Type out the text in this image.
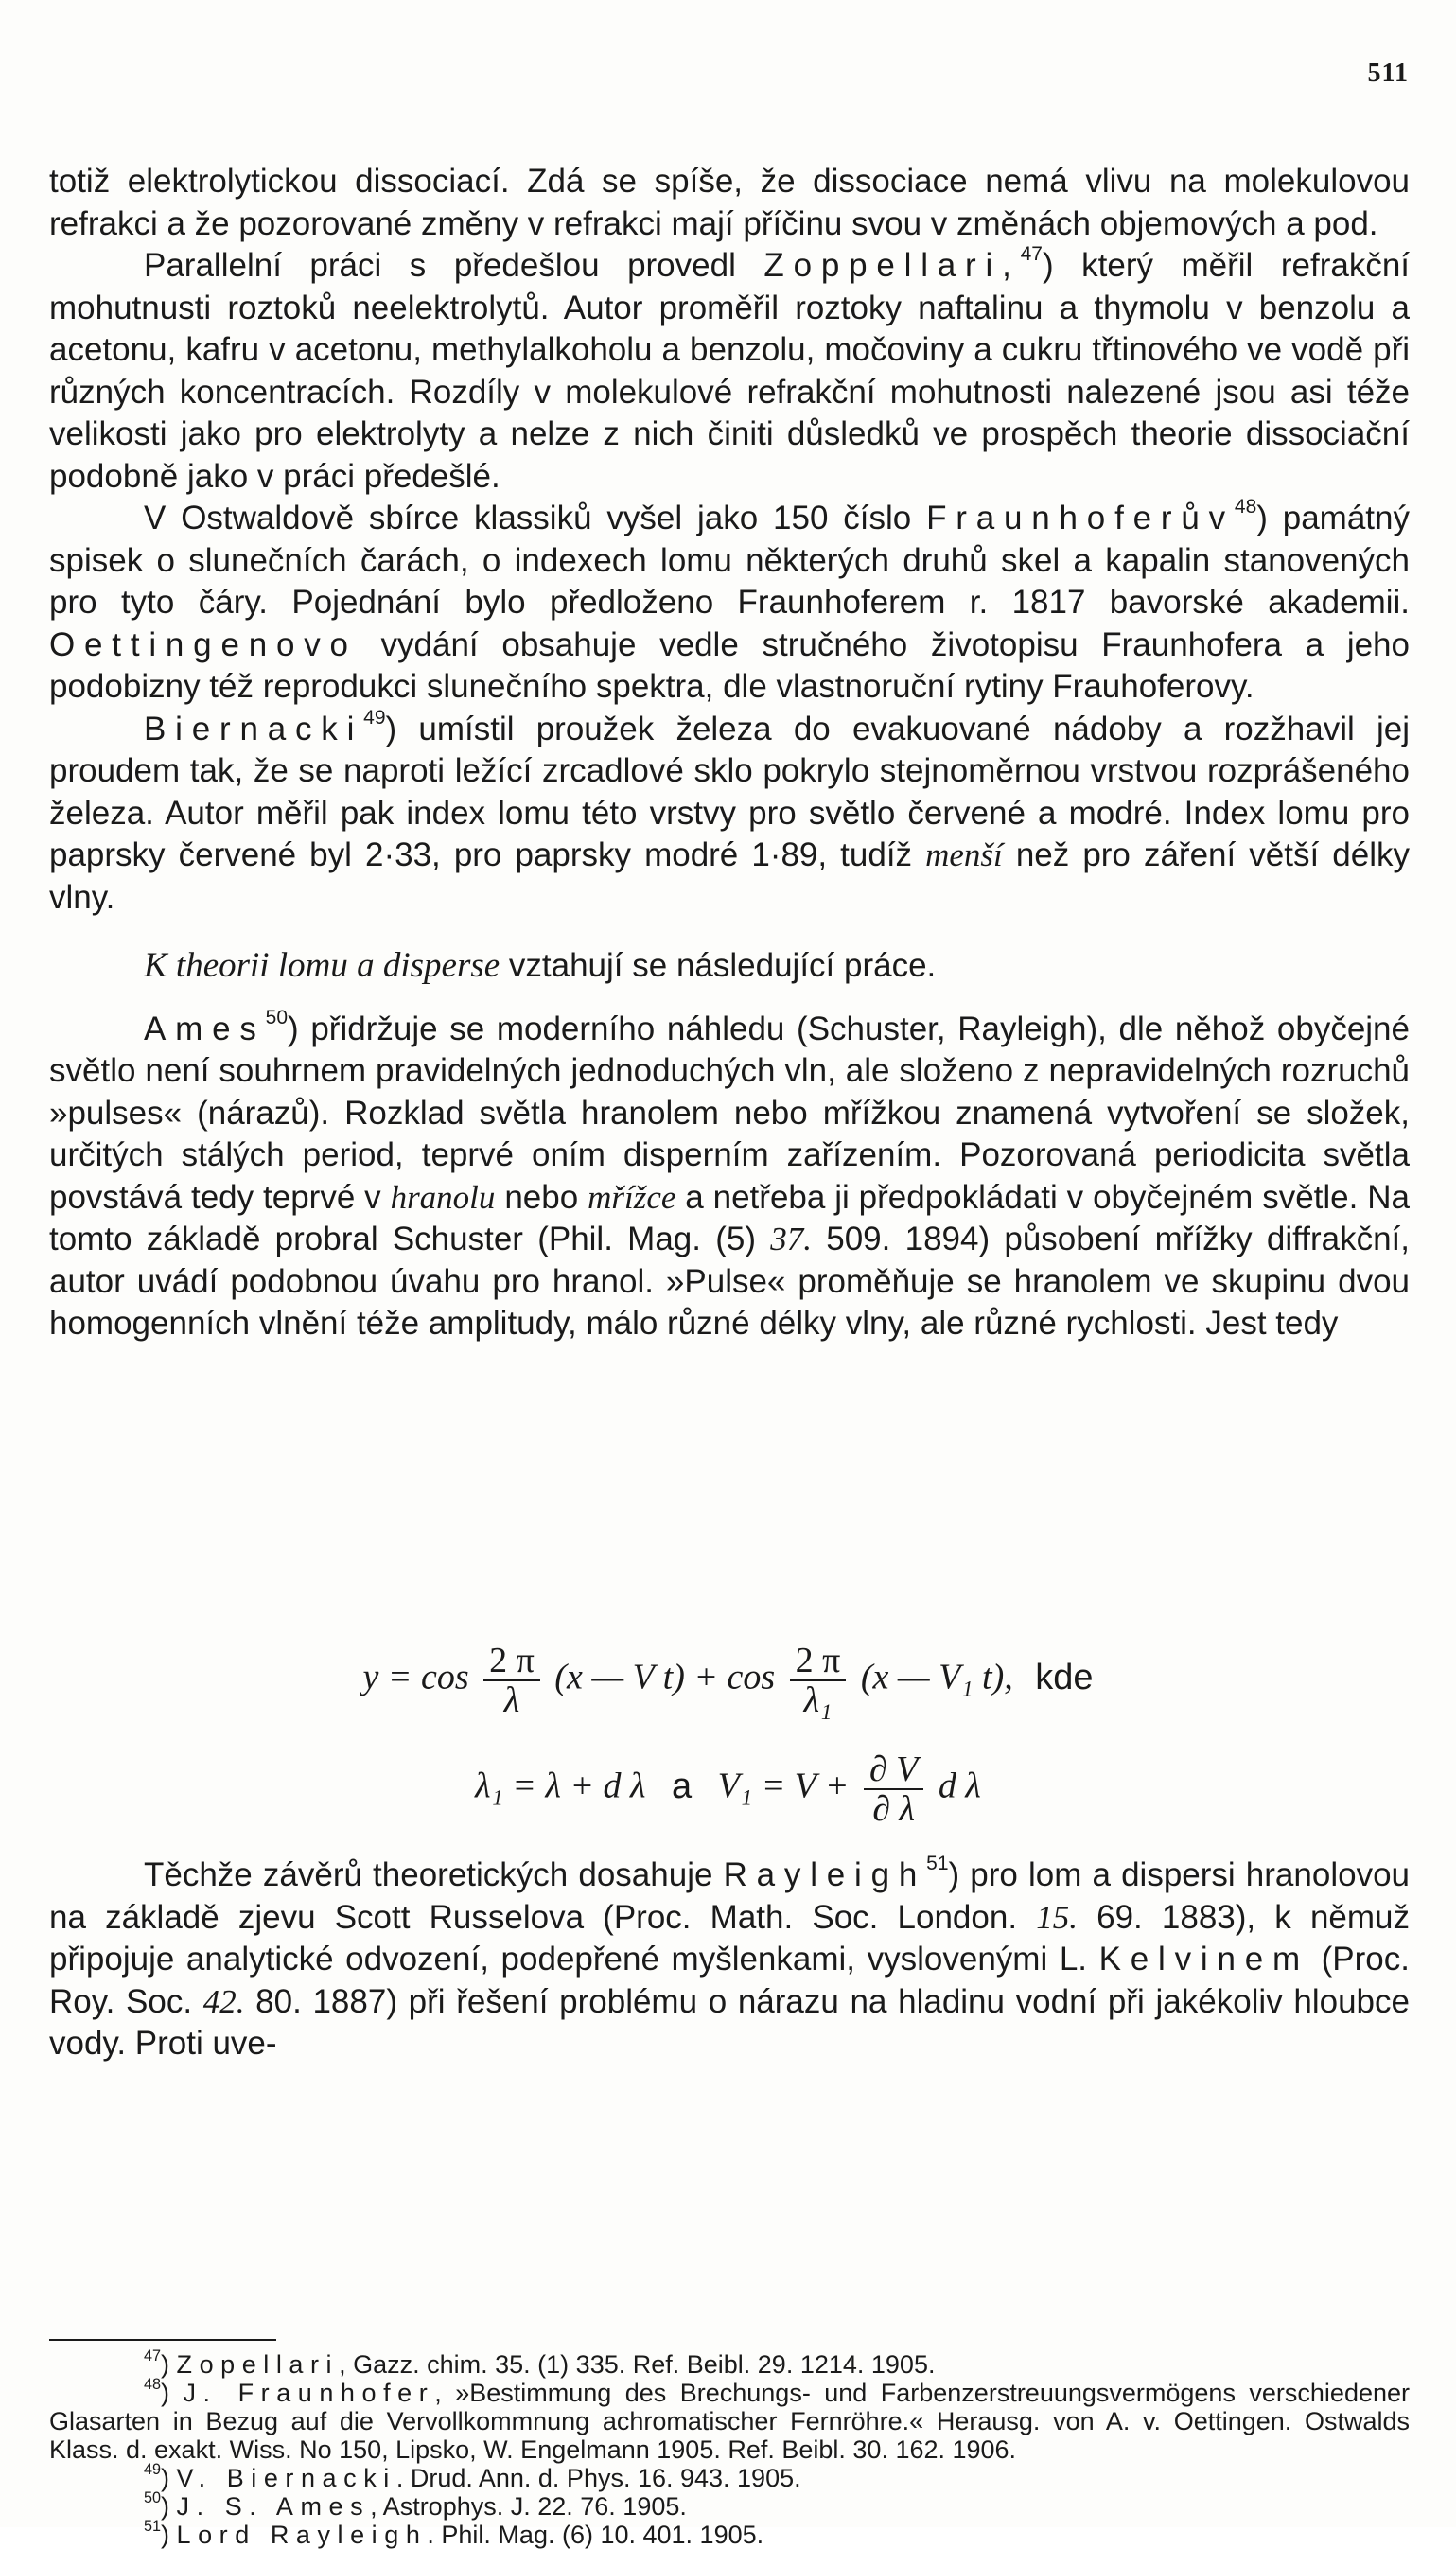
511

totiž elektrolytickou dissociací. Zdá se spíše, že dissociace nemá vlivu na molekulovou refrakci a že pozorované změny v refrakci mají příčinu svou v změnách objemových a pod.

Parallelní práci s předešlou provedl Zoppellari,$^{47}$) který měřil refrakční mohutnusti roztoků neelektrolytů. Autor proměřil roztoky naftalinu a thymolu v benzolu a acetonu, kafru v acetonu, methylalkoholu a benzolu, močoviny a cukru třtinového ve vodě při různých koncentracích. Rozdíly v molekulové refrakční mohutnosti nalezené jsou asi téže velikosti jako pro elektrolyty a nelze z nich činiti důsledků ve prospěch theorie dissociační podobně jako v práci předešlé.

V Ostwaldově sbírce klassiků vyšel jako 150 číslo Fraunhoferův$^{48}$) památný spisek o slunečních čarách, o indexech lomu některých druhů skel a kapalin stanovených pro tyto čáry. Pojednání bylo předloženo Fraunhoferem r. 1817 bavorské akademii. Oettingenovo vydání obsahuje vedle stručného životopisu Fraunhofera a jeho podobizny též reprodukci slunečního spektra, dle vlastnoruční rytiny Frauhoferovy.

Biernacki$^{49}$) umístil proužek železa do evakuované nádoby a rozžhavil jej proudem tak, že se naproti ležící zrcadlové sklo pokrylo stejnoměrnou vrstvou rozprášeného železa. Autor měřil pak index lomu této vrstvy pro světlo červené a modré. Index lomu pro paprsky červené byl 2·33, pro paprsky modré 1·89, tudíž menší než pro záření větší délky vlny.

K theorii lomu a disperse vztahují se následující práce.

Ames$^{50}$) přidržuje se moderního náhledu (Schuster, Rayleigh), dle něhož obyčejné světlo není souhrnem pravidelných jednoduchých vln, ale složeno z nepravidelných rozruchů »pulses« (nárazů). Rozklad světla hranolem nebo mřížkou znamená vytvoření se složek, určitých stálých period, teprvé oním disperním zařízením. Pozorovaná periodicita světla povstává tedy teprvé v hranolu nebo mřížce a netřeba ji předpokládati v obyčejném světle. Na tomto základě probral Schuster (Phil. Mag. (5) 37. 509. 1894) působení mřížky diffrakční, autor uvádí podobnou úvahu pro hranol. »Pulse« proměňuje se hranolem ve skupinu dvou homogenních vlnění téže amplitudy, málo různé délky vlny, ale různé rychlosti. Jest tedy

$y = \cos \frac{2 \pi}{\lambda} (x$ — V $t) + \cos \frac{2 \pi}{\text{λ₁}} (x$ — V₁ t), kde
λ₁ = λ + d λ a $V_1 = V + \frac{\partial V}{\partial \lambda}$ d λ

Těchže závěrů theoretických dosahuje Rayleigh$^{51}$) pro lom a dispersi hranolovou na základě zjevu Scott Russelova (Proc. Math. Soc. London. 15. 69. 1883), k němuž připojuje analytické odvození, podepřené myšlenkami, vyslovenými L. Kelvinem (Proc. Roy. Soc. 42. 80. 1887) při řešení problému o nárazu na hladinu vodní při jakékoliv hloubce vody. Proti uve-

$^{47}$) Zopellari, Gazz. chim. 35. (1) 335. Ref. Beibl. 29. 1214. 1905.

$^{48}$) J. Fraunhofer, »Bestimmung des Brechungs- und Farbenzerstreuungsvermögens verschiedener Glasarten in Bezug auf die Vervollkommnung achromatischer Fernröhre.« Herausg. von A. v. Oettingen. Ostwalds Klass. d. exakt. Wiss. No 150, Lipsko, W. Engelmann 1905. Ref. Beibl. 30. 162. 1906.

$^{49}$) V. Biernacki. Drud. Ann. d. Phys. 16. 943. 1905.

$^{50}$) J. S. Ames, Astrophys. J. 22. 76. 1905.

$^{51}$) Lord Rayleigh. Phil. Mag. (6) 10. 401. 1905.
